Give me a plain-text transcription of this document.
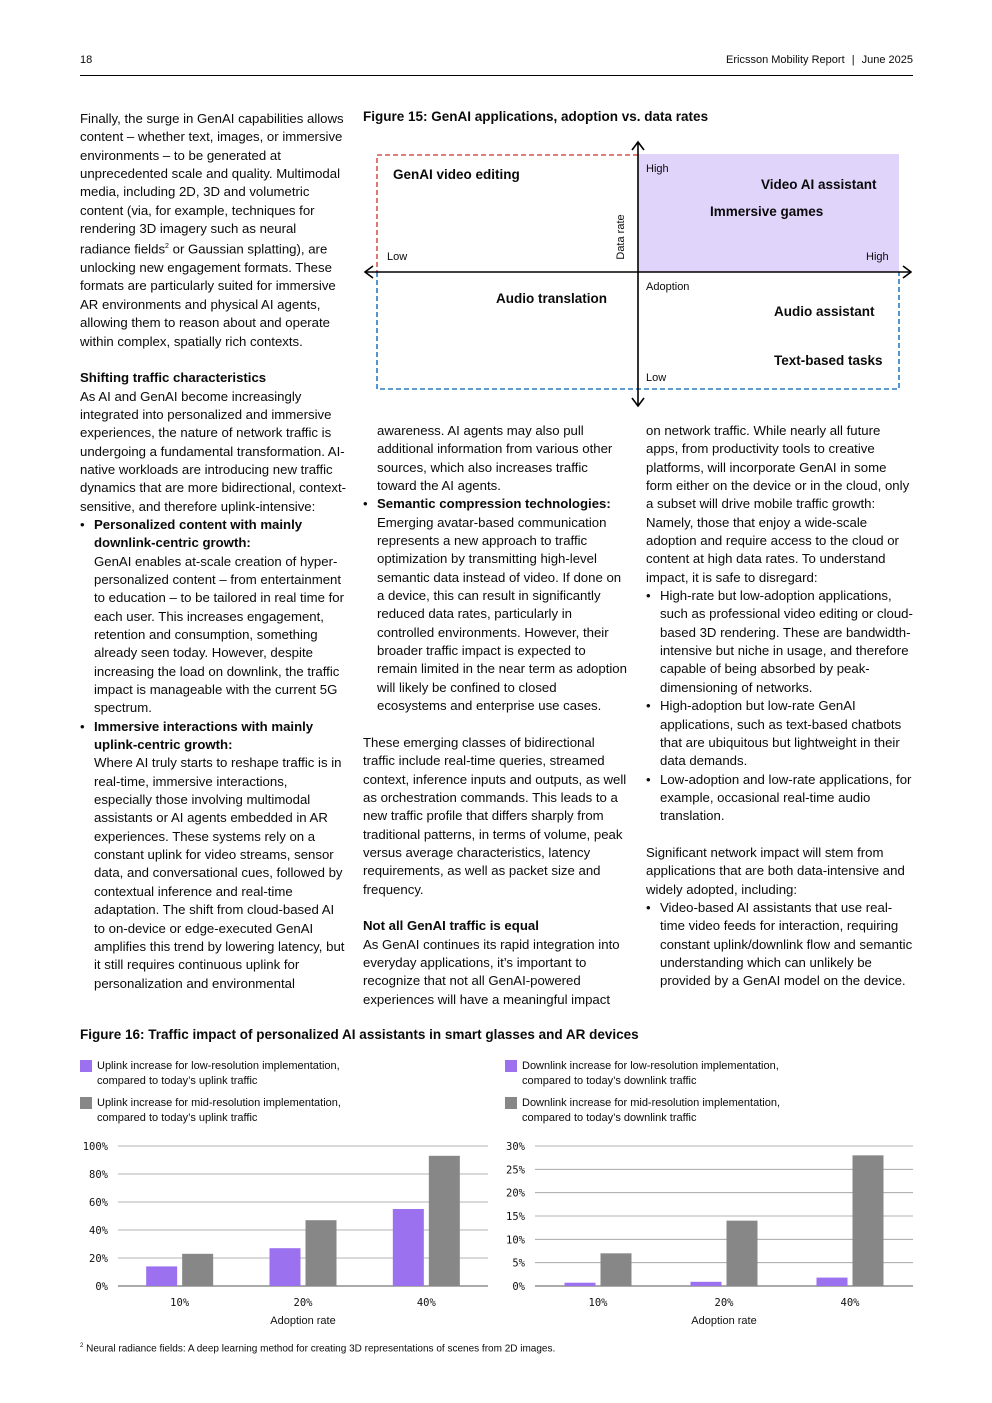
18	Ericsson Mobility Report | June 2025

Finally, the surge in GenAI capabilities allows content – whether text, images, or immersive environments – to be generated at unprecedented scale and quality. Multimodal media, including 2D, 3D and volumetric content (via, for example, techniques for rendering 3D imagery such as neural radiance fields$^2$ or Gaussian splatting), are unlocking new engagement formats. These formats are particularly suited for immersive AR environments and physical AI agents, allowing them to reason about and operate within complex, spatially rich contexts.

Shifting traffic characteristics

As AI and GenAI become increasingly integrated into personalized and immersive experiences, the nature of network traffic is undergoing a fundamental transformation. AI-native workloads are introducing new traffic dynamics that are more bidirectional, context-sensitive, and therefore uplink-intensive:

• Personalized content with mainly downlink-centric growth:
GenAI enables at-scale creation of hyper-personalized content – from entertainment to education – to be tailored in real time for each user. This increases engagement, retention and consumption, something already seen today. However, despite increasing the load on downlink, the traffic impact is manageable with the current 5G spectrum.
• Immersive interactions with mainly uplink-centric growth:
Where AI truly starts to reshape traffic is in real-time, immersive interactions, especially those involving multimodal assistants or AI agents embedded in AR experiences. These systems rely on a constant uplink for video streams, sensor data, and conversational cues, followed by contextual inference and real-time adaptation. The shift from cloud-based AI to on-device or edge-executed GenAI amplifies this trend by lowering latency, but it still requires continuous uplink for personalization and environmental

awareness. AI agents may also pull additional information from various other sources, which also increases traffic toward the AI agents.

• Semantic compression technologies:
Emerging avatar-based communication represents a new approach to traffic optimization by transmitting high-level semantic data instead of video. If done on a device, this can result in significantly reduced data rates, particularly in controlled environments. However, their broader traffic impact is expected to remain limited in the near term as adoption will likely be confined to closed ecosystems and enterprise use cases.

These emerging classes of bidirectional traffic include real-time queries, streamed context, inference inputs and outputs, as well as orchestration commands. This leads to a new traffic profile that differs sharply from traditional patterns, in terms of volume, peak versus average characteristics, latency requirements, as well as packet size and frequency.

Not all GenAI traffic is equal

As GenAI continues its rapid integration into everyday applications, it’s important to recognize that not all GenAI-powered experiences will have a meaningful impact

on network traffic. While nearly all future apps, from productivity tools to creative platforms, will incorporate GenAI in some form either on the device or in the cloud, only a subset will drive mobile traffic growth: Namely, those that enjoy a wide-scale adoption and require access to the cloud or content at high data rates. To understand impact, it is safe to disregard:

• High-rate but low-adoption applications, such as professional video editing or cloud-based 3D rendering. These are bandwidth-intensive but niche in usage, and therefore capable of being absorbed by peak-dimensioning of networks.
• High-adoption but low-rate GenAI applications, such as text-based chatbots that are ubiquitous but lightweight in their data demands.
• Low-adoption and low-rate applications, for example, occasional real-time audio translation.

Significant network impact will stem from applications that are both data-intensive and widely adopted, including:

• Video-based AI assistants that use real-time video feeds for interaction, requiring constant uplink/downlink flow and semantic understanding which can unlikely be provided by a GenAI model on the device.
Figure 15: GenAI applications, adoption vs. data rates
High
High
Low
Low
Adoption
Data rate
GenAI video editing
Video AI assistant
Immersive games
Audio translation
Audio assistant
Text-based tasks
Figure 16: Traffic impact of personalized AI assistants in smart glasses and AR devices
Uplink increase for low-resolution implementation, compared to today’s uplink traffic
Uplink increase for mid-resolution implementation, compared to today’s uplink traffic
Downlink increase for low-resolution implementation, compared to today’s downlink traffic
Downlink increase for mid-resolution implementation, compared to today’s downlink traffic
0%
20%
40%
60%
80%
100%
10%	20%	40%
Adoption rate
0%
5%
10%
15%
20%
25%
30%
10%	20%	40%
Adoption rate
$^2$ Neural radiance fields: A deep learning method for creating 3D representations of scenes from 2D images.
